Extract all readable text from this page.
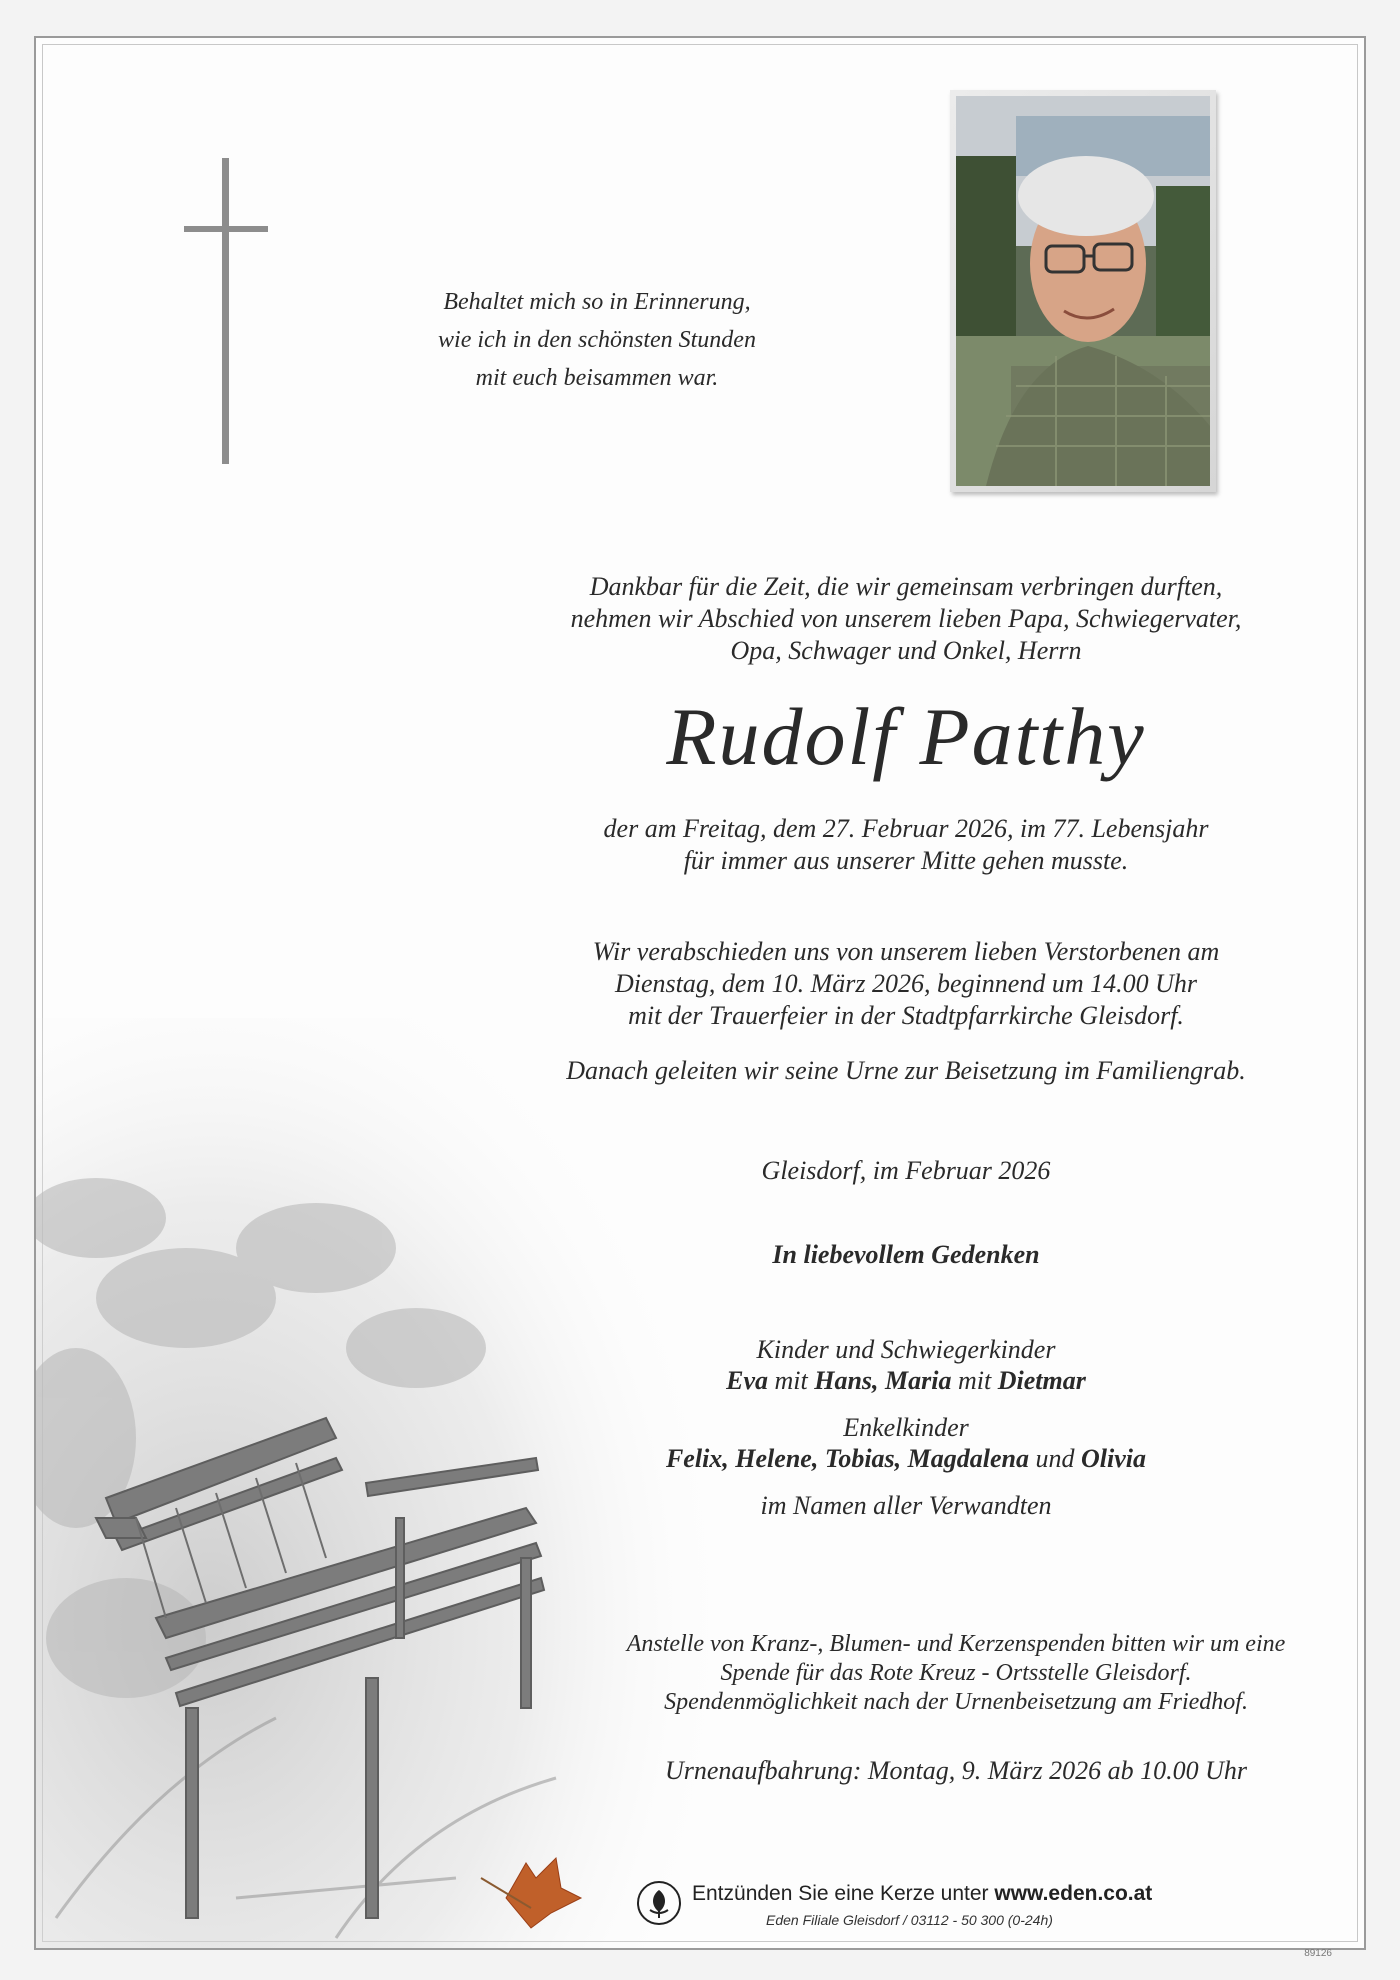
Behaltet mich so in Erinnerung,
wie ich in den schönsten Stunden
mit euch beisammen war.
Dankbar für die Zeit, die wir gemeinsam verbringen durften,
nehmen wir Abschied von unserem lieben Papa, Schwiegervater,
Opa, Schwager und Onkel, Herrn
Rudolf Patthy
der am Freitag, dem 27. Februar 2026, im 77. Lebensjahr
für immer aus unserer Mitte gehen musste.
Wir verabschieden uns von unserem lieben Verstorbenen am
Dienstag, dem 10. März 2026, beginnend um 14.00 Uhr
mit der Trauerfeier in der Stadtpfarrkirche Gleisdorf.
Danach geleiten wir seine Urne zur Beisetzung im Familiengrab.
Gleisdorf, im Februar 2026
In liebevollem Gedenken
Kinder und Schwiegerkinder
Eva mit Hans, Maria mit Dietmar
Enkelkinder
Felix, Helene, Tobias, Magdalena und Olivia
im Namen aller Verwandten
Anstelle von Kranz-, Blumen- und Kerzenspenden bitten wir um eine
Spende für das Rote Kreuz - Ortsstelle Gleisdorf.
Spendenmöglichkeit nach der Urnenbeisetzung am Friedhof.
Urnenaufbahrung: Montag, 9. März 2026 ab 10.00 Uhr
Entzünden Sie eine Kerze unter www.eden.co.at
Eden Filiale Gleisdorf / 03112 - 50 300 (0-24h)
89126
